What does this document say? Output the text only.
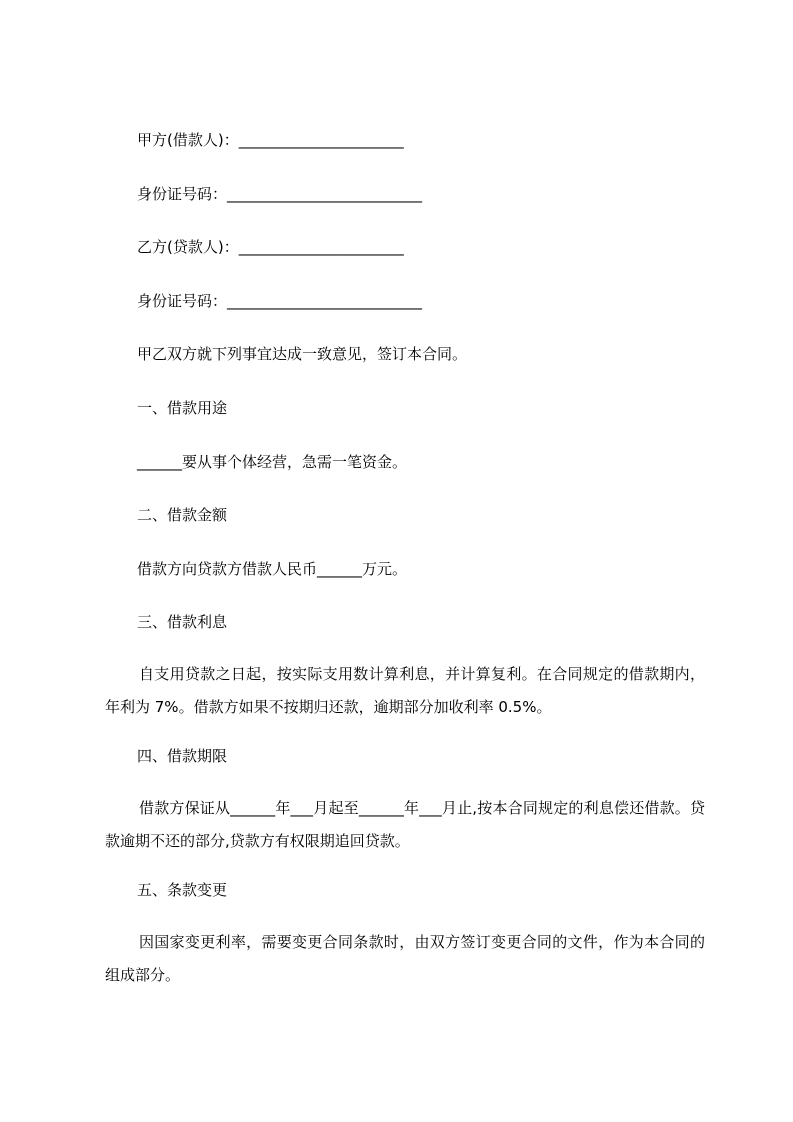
甲方(借款人)：______________________
身份证号码：__________________________
乙方(贷款人)：______________________
身份证号码：__________________________
甲乙双方就下列事宜达成一致意见，签订本合同。
一、借款用途
______要从事个体经营，急需一笔资金。
二、借款金额
借款方向贷款方借款人民币______万元。
三、借款利息
自支用贷款之日起，按实际支用数计算利息，并计算复利。在合同规定的借款期内，年利为 7%。借款方如果不按期归还款，逾期部分加收利率 0.5%。
四、借款期限
借款方保证从______年___月起至______年___月止,按本合同规定的利息偿还借款。贷款逾期不还的部分,贷款方有权限期追回贷款。
五、条款变更
因国家变更利率，需要变更合同条款时，由双方签订变更合同的文件，作为本合同的组成部分。
